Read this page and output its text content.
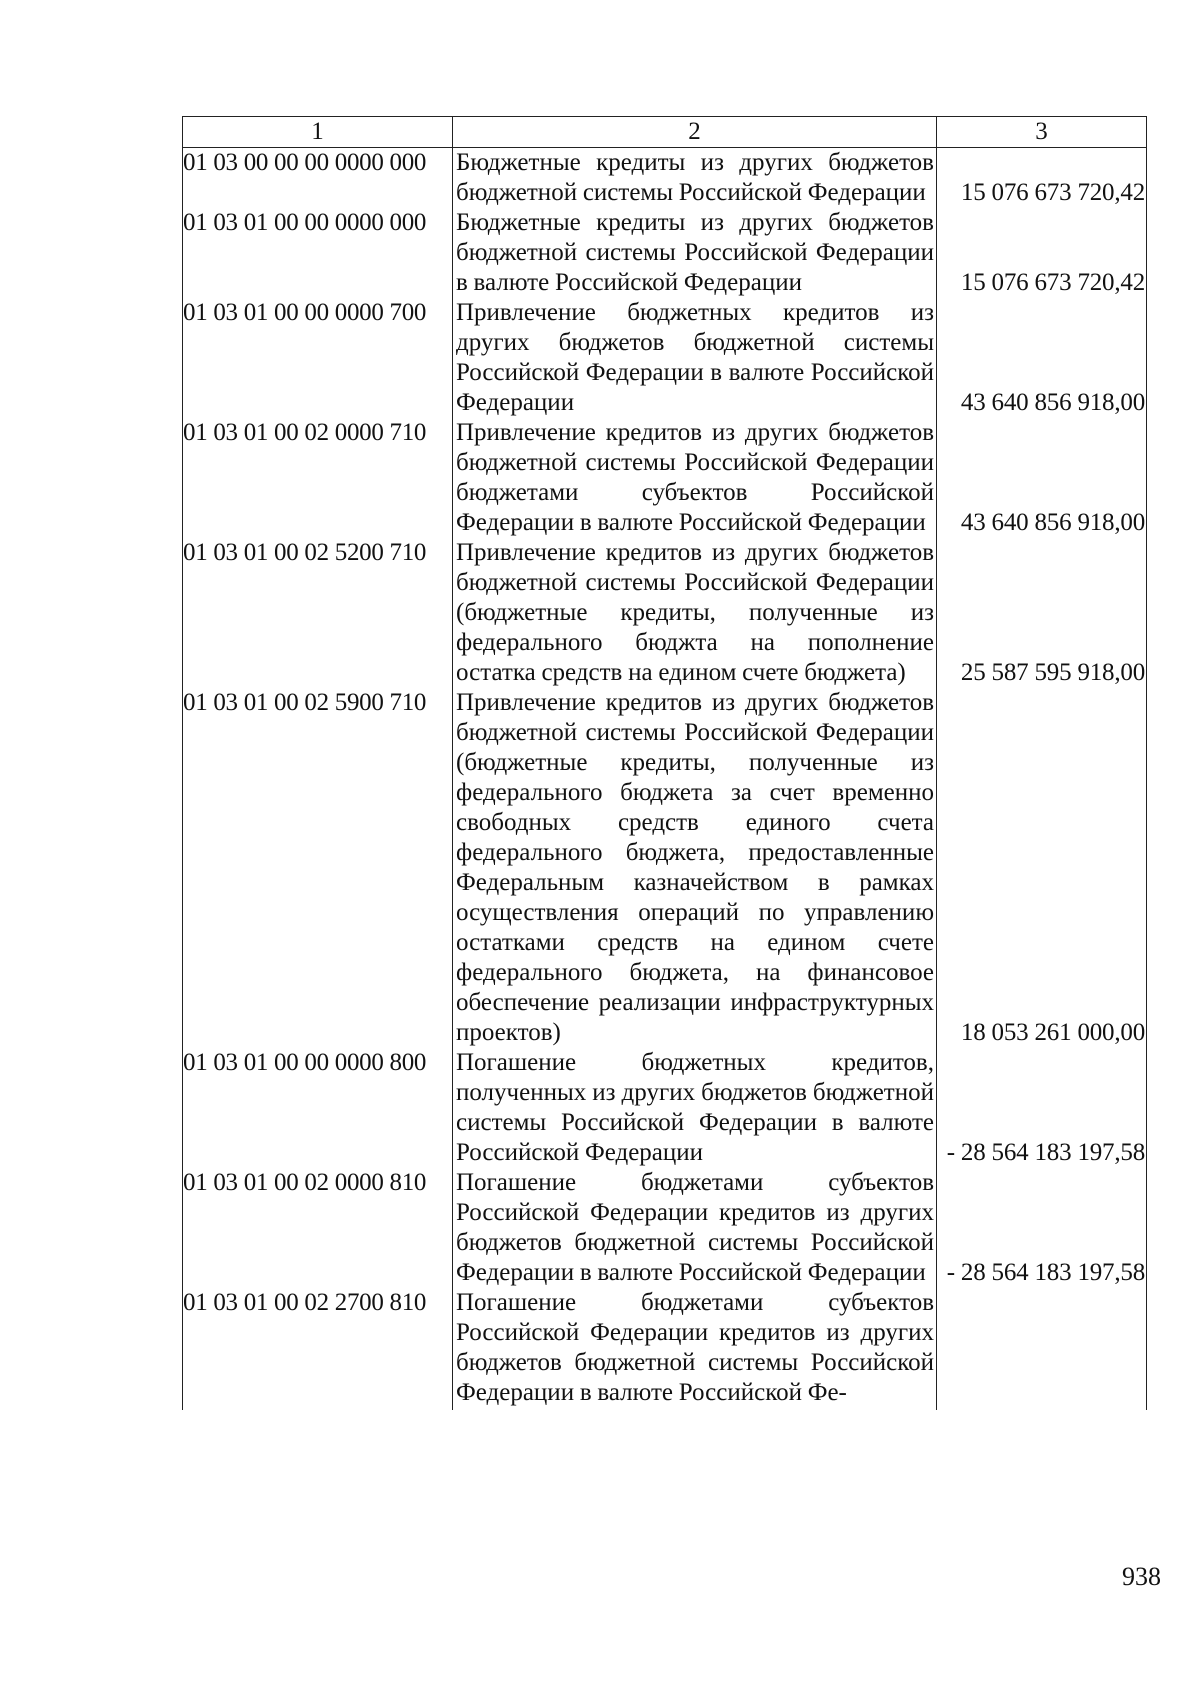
1	2	3
01 03 00 00 00 0000 000	Бюджетные кредиты из других бюджетов бюджетной системы Российской Федерации	15 076 673 720,42
01 03 01 00 00 0000 000	Бюджетные кредиты из других бюджетов бюджетной системы Российской Федерации в валюте Российской Федерации	15 076 673 720,42
01 03 01 00 00 0000 700	Привлечение бюджетных кредитов из других бюджетов бюджетной системы Российской Федерации в валюте Российской Федерации	43 640 856 918,00
01 03 01 00 02 0000 710	Привлечение кредитов из других бюджетов бюджетной системы Российской Федерации бюджетами субъектов Российской Федерации в валюте Российской Федерации	43 640 856 918,00
01 03 01 00 02 5200 710	Привлечение кредитов из других бюджетов бюджетной системы Российской Федерации (бюджетные кредиты, полученные из федерального бюджта на пополнение остатка средств на едином счете бюджета)	25 587 595 918,00
01 03 01 00 02 5900 710	Привлечение кредитов из других бюджетов бюджетной системы Российской Федерации (бюджетные кредиты, полученные из федерального бюджета за счет временно свободных средств единого счета федерального бюджета, предоставленные Федеральным казначейством в рамках осуществления операций по управлению остатками средств на едином счете федерального бюджета, на финансовое обеспечение реализации инфраструктурных проектов)	18 053 261 000,00
01 03 01 00 00 0000 800	Погашение бюджетных кредитов, полученных из других бюджетов бюджетной системы Российской Федерации в валюте Российской Федерации	- 28 564 183 197,58
01 03 01 00 02 0000 810	Погашение бюджетами субъектов Российской Федерации кредитов из других бюджетов бюджетной системы Российской Федерации в валюте Российской Федерации	- 28 564 183 197,58
01 03 01 00 02 2700 810	Погашение бюджетами субъектов Российской Федерации кредитов из других бюджетов бюджетной системы Российской Федерации в валюте Российской Фе-	
938
